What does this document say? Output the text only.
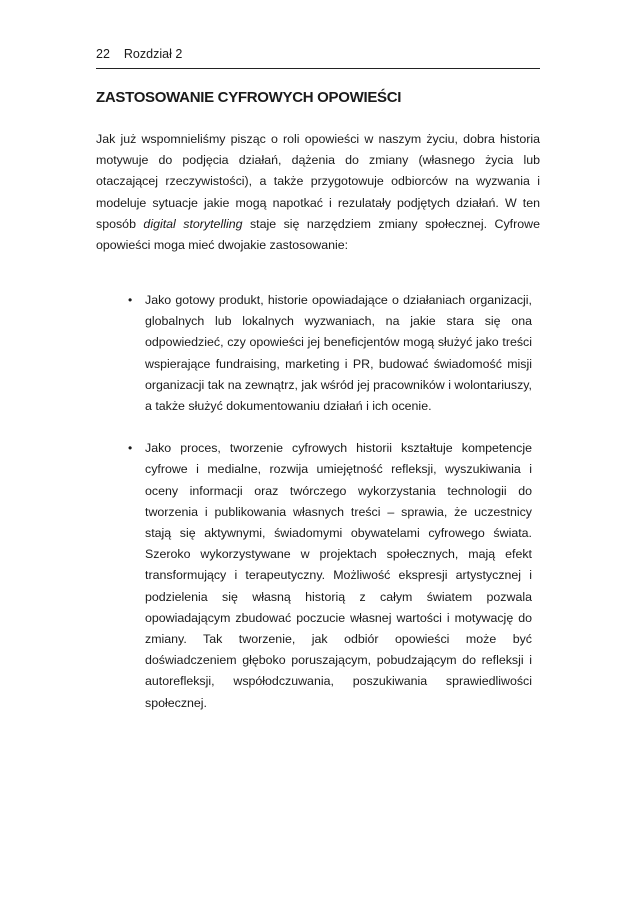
22 Rozdział 2
ZASTOSOWANIE CYFROWYCH OPOWIEŚCI

Jak już wspomnieliśmy pisząc o roli opowieści w naszym życiu, dobra historia motywuje do podjęcia działań, dążenia do zmiany (własnego życia lub otaczającej rzeczywistości), a także przygotowuje odbiorców na wyzwania i modeluje sytuacje jakie mogą napotkać i rezulatały podjętych działań. W ten sposób digital storytelling staje się narzędziem zmiany społecznej. Cyfrowe opowieści moga mieć dwojakie zastosowanie:

• Jako gotowy produkt, historie opowiadające o działaniach organizacji, globalnych lub lokalnych wyzwaniach, na jakie stara się ona odpowiedzieć, czy opowieści jej beneficjentów mogą służyć jako treści wspierające fundraising, marketing i PR, budować świadomość misji organizacji tak na zewnątrz, jak wśród jej pracowników i wolontariuszy, a także służyć dokumentowaniu działań i ich ocenie.
• Jako proces, tworzenie cyfrowych historii kształtuje kompetencje cyfrowe i medialne, rozwija umiejętność refleksji, wyszukiwania i oceny informacji oraz twórczego wykorzystania technologii do tworzenia i publikowania własnych treści – sprawia, że uczestnicy stają się aktywnymi, świadomymi obywatelami cyfrowego świata. Szeroko wykorzystywane w projektach społecznych, mają efekt transformujący i terapeutyczny. Możliwość ekspresji artystycznej i podzielenia się własną historią z całym światem pozwala opowiadającym zbudować poczucie własnej wartości i motywację do zmiany. Tak tworzenie, jak odbiór opowieści może być doświadczeniem głęboko poruszającym, pobudzającym do refleksji i autorefleksji, współodczuwania, poszukiwania sprawiedliwości społecznej.
